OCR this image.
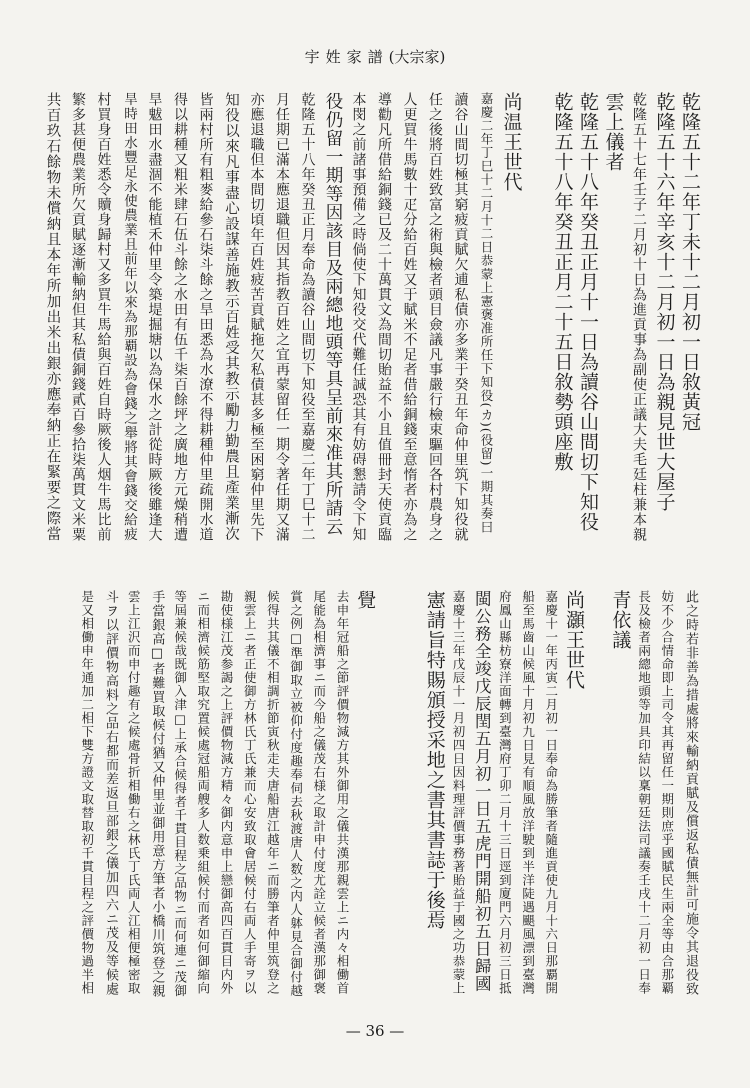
宇姓家譜(大宗家)
乾隆五十二年丁未十二月初一日敘黃冠
乾隆五十六年辛亥十二月初一日為親見世大屋子
乾隆五十七年壬子二月初十日為進貢事為副使正議大夫毛廷柱兼本親
雲上儀者
乾隆五十八年癸丑正月十一日為讀谷山間切下知役
乾隆五十八年癸丑正月二十五日敘勢頭座敷
尚温王世代
嘉慶二年丁巳十二月十二日恭蒙上憲褒准所任下知役(カ)(役留)一期其奏曰
讀谷山間切極其窮疲貢賦欠逋私債亦多業于癸丑年命仲里筑下知役就
任之後將百姓致富之術與檢者頭目僉議凡事嚴行檢束驅回各村農身之
人更買牛馬數十疋分給百姓又于賦米不足者借給銅錢至意惰者亦為之
導勸凡所借給銅錢已及二十萬貫文為間切貽益不小且值冊封天使貢臨
本閔之前諸事預備之時倘使下知役交代難任誠恐其有妨碍懇請令下知
役仍留一期等因該目及兩總地頭等具呈前來准其所請云
乾隆五十八年癸丑正月奉命為讀谷山間切下知役至嘉慶二年丁巳十二
月任期已滿本應退職但因其指教百姓之宜再蒙留任一期令著任期又滿
亦應退職但本間切頃年百姓疲苦貢賦拖欠私債甚多極至困窮仲里先下
知役以來凡事盡心設謀善施教示百姓受其教示勵力勤農且產業漸次
皆兩村所有粗麥給參石柒斗餘之旱田悉為水潦不得耕種仲里疏開水道
得以耕種又粗米肆石伍斗餘之水田有伍千柒百餘坪之廣地方元燥稍遭
旱魃田水盡涸不能植禾仲里令築堤掘塘以為保水之計從時厥後雖逢大
旱時田水豐足永使農業且前年以來為那覇設為會錢之舉將其會錢交給疲
村買身百姓悉令贖身歸村又多買牛馬給與百姓自時厥後人烟牛馬比前
繁多甚便農業所欠貢賦逐漸輸納但其私債銅錢貳百參拾柒萬貫文米粟
共百玖石餘物未償納且本年所加出米出銀亦應奉納正在緊要之際當
此之時若非善為措處將來輸納貢賦及償返私債無計可施令其退役致
妨不少合情命即上司令其再留任一期則庶乎國賦民生兩全等由合那覇
長及檢者兩總地頭等加具印結以稟朝廷法司議奏壬戌十二月初一日奉
青依議
尚灝王世代
嘉慶十一年丙寅二月初一日奉命為勝筆者隨進貢使九月十六日那覇開
船至馬齒山候風十月初九日見有順風放洋駛到半洋陡遇颶風漂到臺灣
府鳳山縣枋寮洋面轉到臺灣府丁卯二月十三日逕到廈門六月初三日抵
閩公務全竣戊辰閏五月初一日五虎門開船初五日歸國
嘉慶十三年戊辰十一月初四日因料理評價事務著貽益于國之功恭蒙上
憲請旨特賜頒授采地之書其書誌于後焉
覺
去申年冠船之節評價物減方其外御用之儀共漢那親雲上ニ内々相働首
尾能為相濟事ニ而今船之儀茂右様之取計申付度尤詮立候者漢那御褒
賞之例□準御取立被仰付度趣奉伺去秋渡唐人数之内人躰見合御付越
候得共其儀不相調折節寅秋走夫唐船唐江越年ニ而勝筆者仲里筑登之
親雲上ニ者正使御方林氏丁氏兼而心安致取會居候付右両人手寄ヲ以
勘使様江茂参謁之上評價物減方精々御内意申上戀御高四百貫目内外
ニ而相濟候筋堅取究置候處冠船両艘多人数乗組候付而者如何御縮向
等屆兼候哉既御入津□上承合候得者千貫目程之品物ニ而何連ニ茂御
手當銀高□者難買取候付猶又仲里並御用意方筆者小橋川筑登之親
雲上江沢而申付趣有之候處骨折相働右之林氏丁氏両人江相便極密取
斗ヲ以評價物高料之品右都而差返旦部銀之儀加四六ニ茂及等候處
是又相働申年通加二相下雙方證文取替取初千貫目程之評價物過半相
— 36 —
